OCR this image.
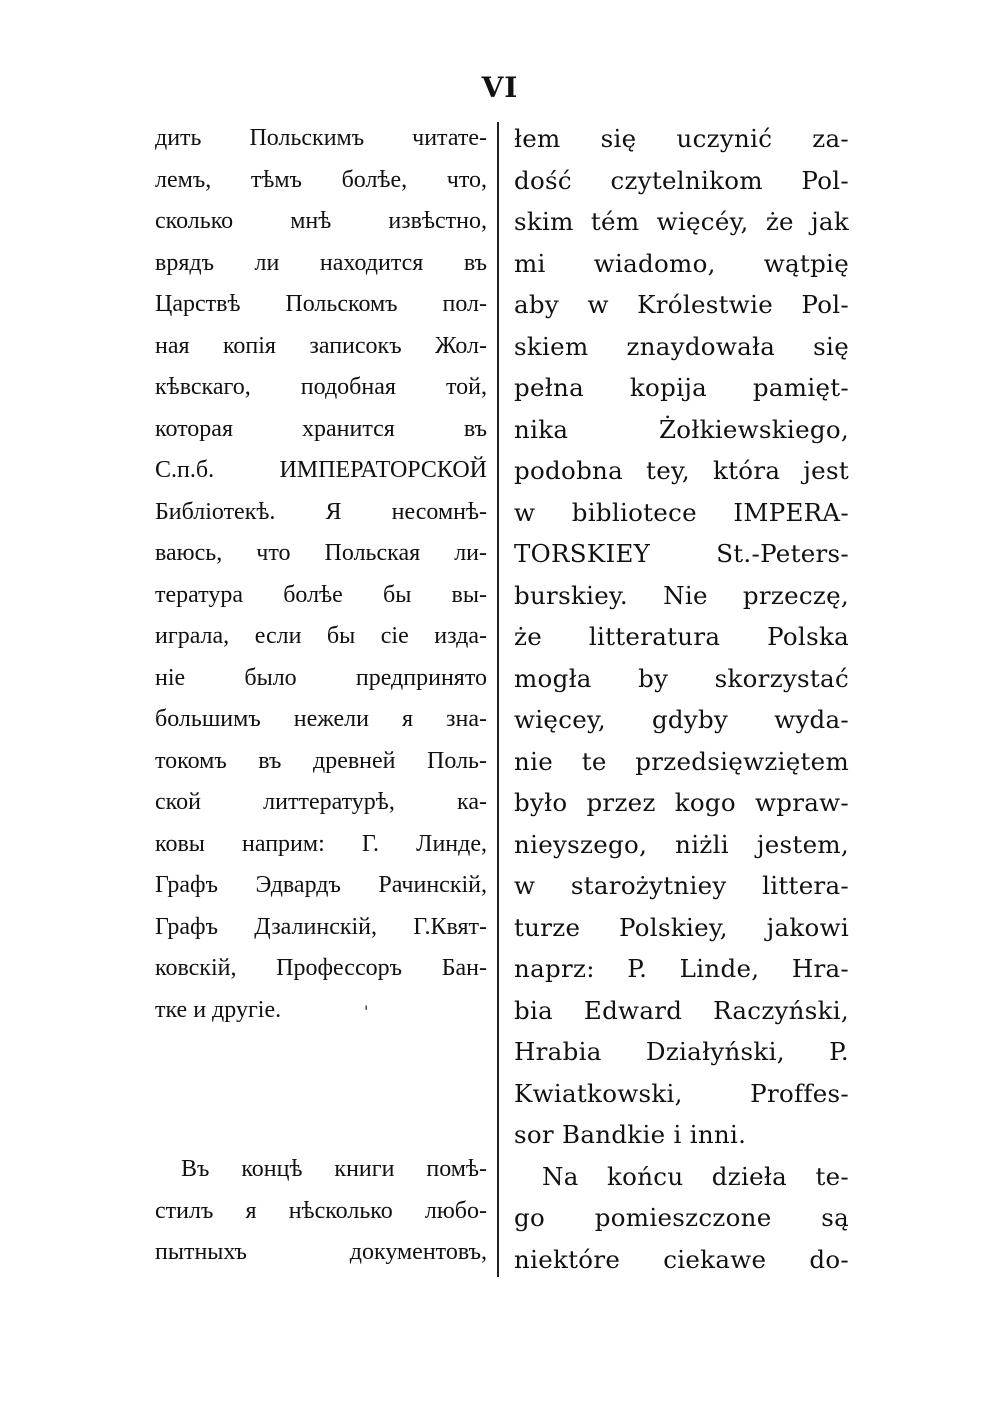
VI
дить Польскимъ читате-
лемъ, тѣмъ болѣе, что,
сколько мнѣ извѣстно,
врядъ ли находится въ
Царствѣ Польскомъ пол-
ная копія записокъ Жол-
кѣвскаго, подобная той,
которая хранится въ
С.п.б. ИМПЕРАТОРСКОЙ
Библіотекѣ. Я несомнѣ-
ваюсь, что Польская ли-
тература болѣе бы вы-
играла, если бы сіе изда-
ніе было предпринято
большимъ нежели я зна-
токомъ въ древней Поль-
ской литтературѣ, ка-
ковы наприм: Г. Линде,
Графъ Эдвардъ Рачинскій,
Графъ Дзалинскій, Г.Квят-
ковскій, Профессоръ Бан-
тке и другіе.
Въ концѣ книги помѣ-
стилъ я нѣсколько любо-
пытныхъ документовъ,
'
łem się uczynić za-
dość czytelnikom Pol-
skim tém więcéy, że jak
mi wiadomo, wątpię
aby w Królestwie Pol-
skiem znaydowała się
pełna kopija pamięt-
nika Żołkiewskiego,
podobna tey, która jest
w bibliotece IMPERA-
TORSKIEY St.-Peters-
burskiey. Nie przeczę,
że litteratura Polska
mogła by skorzystać
więcey, gdyby wyda-
nie te przedsięwziętem
było przez kogo wpraw-
nieyszego, niżli jestem,
w starożytniey littera-
turze Polskiey, jakowi
naprz: P. Linde, Hra-
bia Edward Raczyński,
Hrabia Działyński, P.
Kwiatkowski, Proffes-
sor Bandkie i inni.
Na końcu dzieła te-
go pomieszczone są
niektóre ciekawe do-
